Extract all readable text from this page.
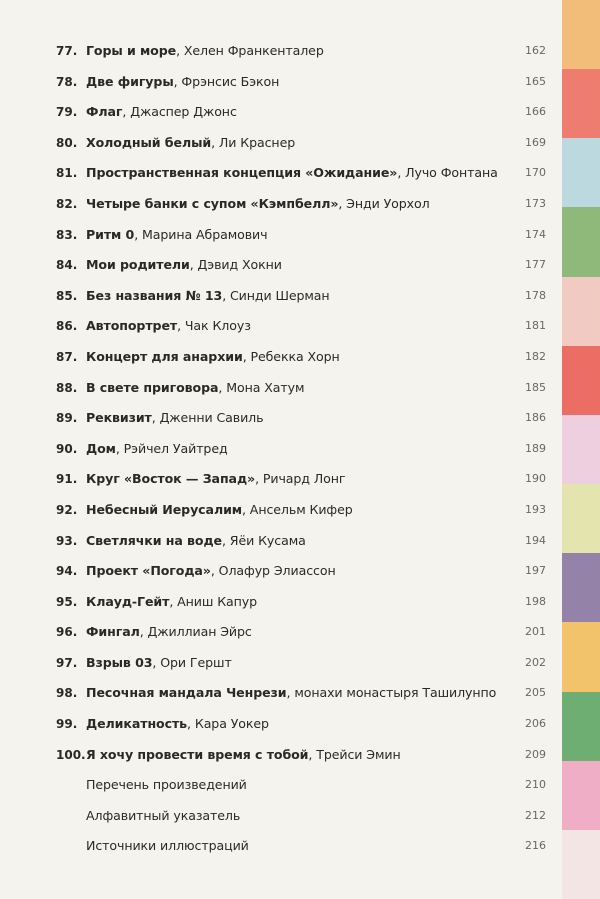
77. Горы и море, Хелен Франкенталер	162
78. Две фигуры, Фрэнсис Бэкон	165
79. Флаг, Джаспер Джонс	166
80. Холодный белый, Ли Краснер	169
81. Пространственная концепция «Ожидание», Лучо Фонтана 170
82. Четыре банки с супом «Кэмпбелл», Энди Уорхол	173
83. Ритм 0, Марина Абрамович	174
84. Мои родители, Дэвид Хокни	177
85. Без названия № 13, Синди Шерман	178
86. Автопортрет, Чак Клоуз	181
87. Концерт для анархии, Ребекка Хорн	182
88. В свете приговора, Мона Хатум	185
89. Реквизит, Дженни Савиль	186
90. Дом, Рэйчел Уайтред	189
91. Круг «Восток — Запад», Ричард Лонг	190
92. Небесный Иерусалим, Ансельм Кифер	193
93. Светлячки на воде, Яёи Кусама	194
94. Проект «Погода», Олафур Элиассон	197
95. Клауд-Гейт, Аниш Капур	198
96. Фингал, Джиллиан Эйрс	201
97. Взрыв 03, Ори Гершт	202
98. Песочная мандала Ченрези, монахи монастыря Ташилунпо	205
99. Деликатность, Кара Уокер	206
100. Я хочу провести время с тобой, Трейси Эмин	209
Перечень произведений	210
Алфавитный указатель	212
Источники иллюстраций	216
